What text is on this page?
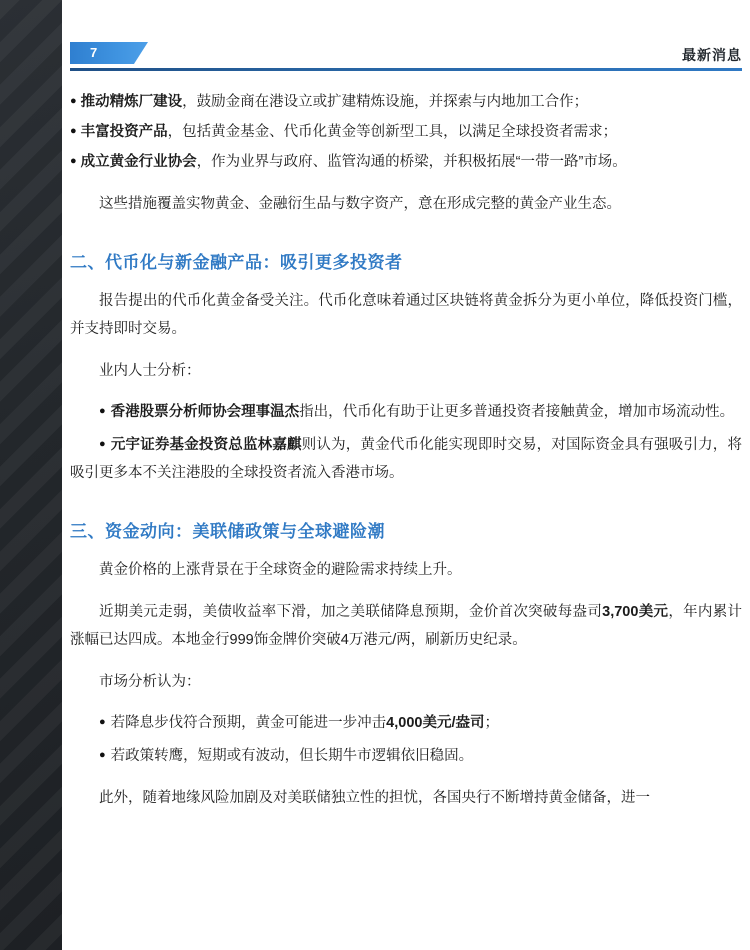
7	最新消息

● 推动精炼厂建设，鼓励金商在港设立或扩建精炼设施，并探索与内地加工合作；

● 丰富投资产品，包括黄金基金、代币化黄金等创新型工具，以满足全球投资者需求；

● 成立黄金行业协会，作为业界与政府、监管沟通的桥梁，并积极拓展“一带一路”市场。

这些措施覆盖实物黄金、金融衍生品与数字资产，意在形成完整的黄金产业生态。

二、代币化与新金融产品：吸引更多投资者

报告提出的代币化黄金备受关注。代币化意味着通过区块链将黄金拆分为更小单位，降低投资门槛，并支持即时交易。

业内人士分析：

● 香港股票分析师协会理事温杰指出，代币化有助于让更多普通投资者接触黄金，增加市场流动性。

● 元宇证券基金投资总监林嘉麒则认为，黄金代币化能实现即时交易，对国际资金具有强吸引力，将吸引更多本不关注港股的全球投资者流入香港市场。

三、资金动向：美联储政策与全球避险潮

黄金价格的上涨背景在于全球资金的避险需求持续上升。

近期美元走弱，美债收益率下滑，加之美联储降息预期，金价首次突破每盎司3,700美元，年内累计涨幅已达四成。本地金行999饰金牌价突破4万港元/两，刷新历史纪录。

市场分析认为：

● 若降息步伐符合预期，黄金可能进一步冲击4,000美元/盎司；

● 若政策转鹰，短期或有波动，但长期牛市逻辑依旧稳固。

此外，随着地缘风险加剧及对美联储独立性的担忧，各国央行不断增持黄金储备，进一
